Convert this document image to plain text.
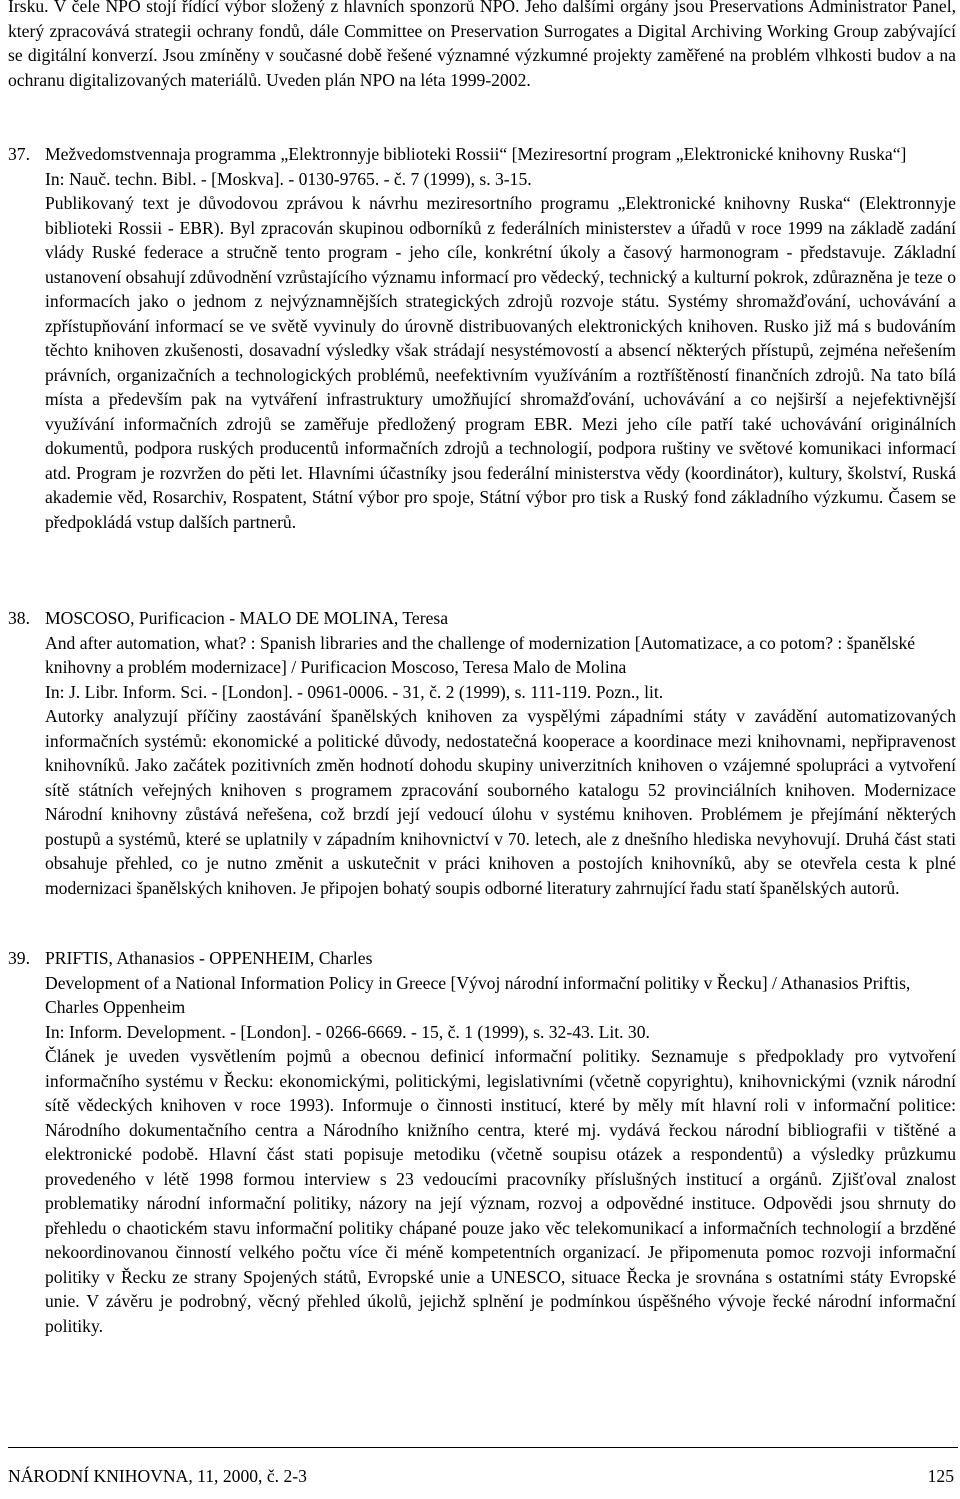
Irsku. V čele NPO stojí řídící výbor složený z hlavních sponzorů NPO. Jeho dalšími orgány jsou Preservations Administrator Panel, který zpracovává strategii ochrany fondů, dále Committee on Preservation Surrogates a Digital Archiving Working Group zabývající se digitální konverzí. Jsou zmíněny v současné době řešené významné výzkumné projekty zaměřené na problém vlhkosti budov a na ochranu digitalizovaných materiálů. Uveden plán NPO na léta 1999-2002.

37. Mežvedomstvennaja programma „Elektronnyje biblioteki Rossii“ [Meziresortní program „Elektronické knihovny Ruska“]

In: Nauč. techn. Bibl. - [Moskva]. - 0130-9765. - č. 7 (1999), s. 3-15.

Publikovaný text je důvodovou zprávou k návrhu meziresortního programu „Elektronické knihovny Ruska“ (Elektronnyje biblioteki Rossii - EBR). Byl zpracován skupinou odborníků z federálních ministerstev a úřadů v roce 1999 na základě zadání vlády Ruské federace a stručně tento program - jeho cíle, konkrétní úkoly a časový harmonogram - představuje. Základní ustanovení obsahují zdůvodnění vzrůstajícího významu informací pro vědecký, technický a kulturní pokrok, zdůrazněna je teze o informacích jako o jednom z nejvýznamnějších strategických zdrojů rozvoje státu. Systémy shromažďování, uchovávání a zpřístupňování informací se ve světě vyvinuly do úrovně distribuovaných elektronických knihoven. Rusko již má s budováním těchto knihoven zkušenosti, dosavadní výsledky však strádají nesystémovostí a absencí některých přístupů, zejména neřešením právních, organizačních a technologických problémů, neefektivním využíváním a roztříštěností finančních zdrojů. Na tato bílá místa a především pak na vytváření infrastruktury umožňující shromažďování, uchovávání a co nejširší a nejefektivnější využívání informačních zdrojů se zaměřuje předložený program EBR. Mezi jeho cíle patří také uchovávání originálních dokumentů, podpora ruských producentů informačních zdrojů a technologií, podpora ruštiny ve světové komunikaci informací atd. Program je rozvržen do pěti let. Hlavními účastníky jsou federální ministerstva vědy (koordinátor), kultury, školství, Ruská akademie věd, Rosarchiv, Rospatent, Státní výbor pro spoje, Státní výbor pro tisk a Ruský fond základního výzkumu. Časem se předpokládá vstup dalších partnerů.

38. MOSCOSO, Purificacion - MALO DE MOLINA, Teresa

And after automation, what? : Spanish libraries and the challenge of modernization [Automatizace, a co potom? : španělské knihovny a problém modernizace] / Purificacion Moscoso, Teresa Malo de Molina

In: J. Libr. Inform. Sci. - [London]. - 0961-0006. - 31, č. 2 (1999), s. 111-119. Pozn., lit.

Autorky analyzují příčiny zaostávání španělských knihoven za vyspělými západními státy v zavádění automatizovaných informačních systémů: ekonomické a politické důvody, nedostatečná kooperace a koordinace mezi knihovnami, nepřipravenost knihovníků. Jako začátek pozitivních změn hodnotí dohodu skupiny univerzitních knihoven o vzájemné spolupráci a vytvoření sítě státních veřejných knihoven s programem zpracování souborného katalogu 52 provinciálních knihoven. Modernizace Národní knihovny zůstává neřešena, což brzdí její vedoucí úlohu v systému knihoven. Problémem je přejímání některých postupů a systémů, které se uplatnily v západním knihovnictví v 70. letech, ale z dnešního hlediska nevyhovují. Druhá část stati obsahuje přehled, co je nutno změnit a uskutečnit v práci knihoven a postojích knihovníků, aby se otevřela cesta k plné modernizaci španělských knihoven. Je připojen bohatý soupis odborné literatury zahrnující řadu statí španělských autorů.

39. PRIFTIS, Athanasios - OPPENHEIM, Charles

Development of a National Information Policy in Greece [Vývoj národní informační politiky v Řecku] / Athanasios Priftis, Charles Oppenheim

In: Inform. Development. - [London]. - 0266-6669. - 15, č. 1 (1999), s. 32-43. Lit. 30.

Článek je uveden vysvětlením pojmů a obecnou definicí informační politiky. Seznamuje s předpoklady pro vytvoření informačního systému v Řecku: ekonomickými, politickými, legislativními (včetně copyrightu), knihovnickými (vznik národní sítě vědeckých knihoven v roce 1993). Informuje o činnosti institucí, které by měly mít hlavní roli v informační politice: Národního dokumentačního centra a Národního knižního centra, které mj. vydává řeckou národní bibliografii v tištěné a elektronické podobě. Hlavní část stati popisuje metodiku (včetně soupisu otázek a respondentů) a výsledky průzkumu provedeného v létě 1998 formou interview s 23 vedoucími pracovníky příslušných institucí a orgánů. Zjišťoval znalost problematiky národní informační politiky, názory na její význam, rozvoj a odpovědné instituce. Odpovědi jsou shrnuty do přehledu o chaotickém stavu informační politiky chápané pouze jako věc telekomunikací a informačních technologií a brzděné nekoordinovanou činností velkého počtu více či méně kompetentních organizací. Je připomenuta pomoc rozvoji informační politiky v Řecku ze strany Spojených států, Evropské unie a UNESCO, situace Řecka je srovnána s ostatními státy Evropské unie. V závěru je podrobný, věcný přehled úkolů, jejichž splnění je podmínkou úspěšného vývoje řecké národní informační politiky.

NÁRODNÍ KNIHOVNA, 11, 2000, č. 2-3	125
